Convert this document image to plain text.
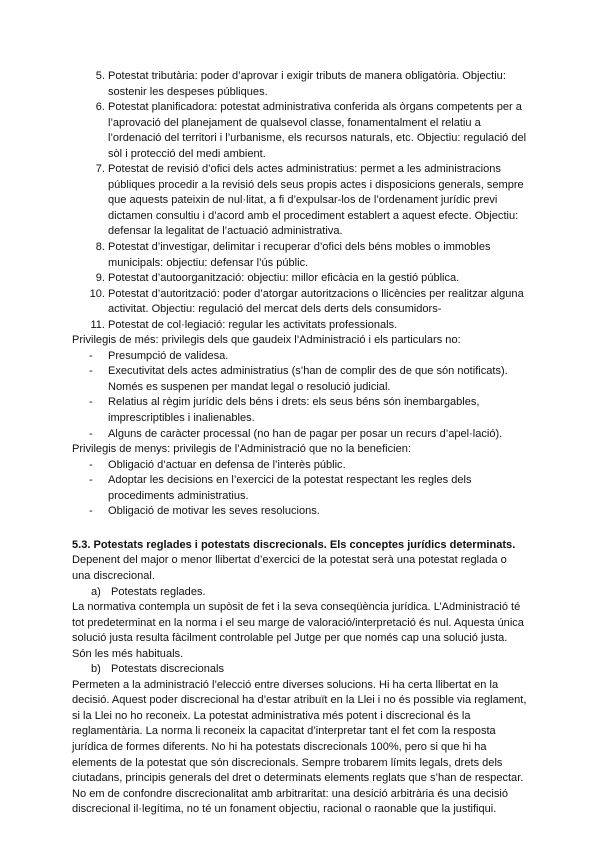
5. Potestat tributària: poder d’aprovar i exigir tributs de manera obligatòria. Objectiu: sostenir les despeses públiques.
6. Potestat planificadora: potestat administrativa conferida als òrgans competents per a l’aprovació del planejament de qualsevol classe, fonamentalment el relatiu a l’ordenació del territori i l’urbanisme, els recursos naturals, etc. Objectiu: regulació del sòl i protecció del medi ambient.
7. Potestat de revisió d’ofici dels actes administratius: permet a les administracions públiques procedir a la revisió dels seus propis actes i disposicions generals, sempre que aquests pateixin de nul·litat, a fi d’expulsar-los de l’ordenament jurídic previ dictamen consultiu i d’acord amb el procediment establert a aquest efecte. Objectiu: defensar la legalitat de l’actuació administrativa.
8. Potestat d’investigar, delimitar i recuperar d’ofici dels béns mobles o immobles municipals: objectiu: defensar l’ús públic.
9. Potestat d’autoorganització: objectiu: millor eficàcia en la gestió pública.
10. Potestat d’autorització: poder d’atorgar autoritzacions o llicències per realitzar alguna activitat. Objectiu: regulació del mercat dels derts dels consumidors-
11. Potestat de col·legiació: regular les activitats professionals.

Privilegis de més: privilegis dels que gaudeix l’Administració i els particulars no:

- Presumpció de validesa.
- Executivitat dels actes administratius (s’han de complir des de que són notificats). Només es suspenen per mandat legal o resolució judicial.
- Relatius al règim jurídic dels béns i drets: els seus béns són inembargables, imprescriptibles i inalienables.
- Alguns de caràcter processal (no han de pagar per posar un recurs d’apel·lació).

Privilegis de menys: privilegis de l’Administració que no la beneficien:

- Obligació d’actuar en defensa de l’interès públic.
- Adoptar les decisions en l’exercici de la potestat respectant les regles dels procediments administratius.
- Obligació de motivar les seves resolucions.

5.3. Potestats reglades i potestats discrecionals. Els conceptes jurídics determinats.

Depenent del major o menor llibertat d’exercici de la potestat serà una potestat reglada o una discrecional.

a) Potestats reglades.

La normativa contempla un supòsit de fet i la seva conseqüència jurídica. L’Administració té tot predeterminat en la norma i el seu marge de valoració/interpretació és nul. Aquesta única solució justa resulta fàcilment controlable pel Jutge per que només cap una solució justa. Són les més habituals.

b) Potestats discrecionals

Permeten a la administració l’elecció entre diverses solucions. Hi ha certa llibertat en la decisió. Aquest poder discrecional ha d’estar atribuït en la Llei i no és possible via reglament, si la Llei no ho reconeix. La potestat administrativa més potent i discrecional és la reglamentària. La norma li reconeix la capacitat d’interpretar tant el fet com la resposta jurídica de formes diferents. No hi ha potestats discrecionals 100%, pero si que hi ha elements de la potestat que són discrecionals. Sempre trobarem límits legals, drets dels ciutadans, principis generals del dret o determinats elements reglats que s’han de respectar. No em de confondre discrecionalitat amb arbitraritat: una desició arbitrària és una decisió discrecional il·legítima, no té un fonament objectiu, racional o raonable que la justifiqui.
